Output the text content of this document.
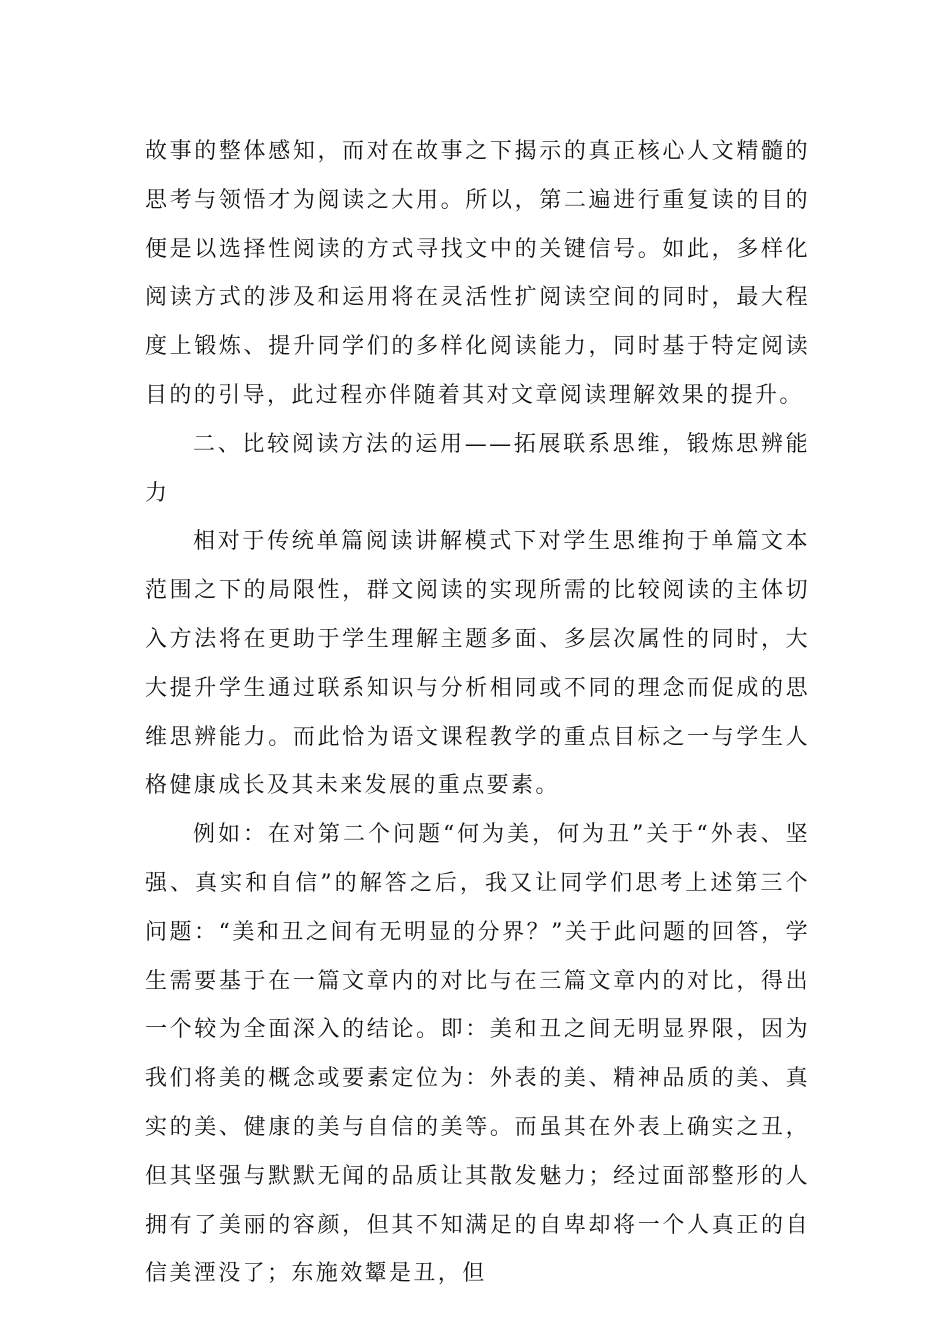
故事的整体感知，而对在故事之下揭示的真正核心人文精髓的思考与领悟才为阅读之大用。所以，第二遍进行重复读的目的便是以选择性阅读的方式寻找文中的关键信号。如此，多样化阅读方式的涉及和运用将在灵活性扩阅读空间的同时，最大程度上锻炼、提升同学们的多样化阅读能力，同时基于特定阅读目的的引导，此过程亦伴随着其对文章阅读理解效果的提升。

二、比较阅读方法的运用——拓展联系思维，锻炼思辨能力

相对于传统单篇阅读讲解模式下对学生思维拘于单篇文本范围之下的局限性，群文阅读的实现所需的比较阅读的主体切入方法将在更助于学生理解主题多面、多层次属性的同时，大大提升学生通过联系知识与分析相同或不同的理念而促成的思维思辨能力。而此恰为语文课程教学的重点目标之一与学生人格健康成长及其未来发展的重点要素。

例如：在对第二个问题“何为美，何为丑”关于“外表、坚强、真实和自信”的解答之后，我又让同学们思考上述第三个问题：“美和丑之间有无明显的分界？”关于此问题的回答，学生需要基于在一篇文章内的对比与在三篇文章内的对比，得出一个较为全面深入的结论。即：美和丑之间无明显界限，因为我们将美的概念或要素定位为：外表的美、精神品质的美、真实的美、健康的美与自信的美等。而虽其在外表上确实之丑，但其坚强与默默无闻的品质让其散发魅力；经过面部整形的人拥有了美丽的容颜，但其不知满足的自卑却将一个人真正的自信美湮没了；东施效颦是丑，但
